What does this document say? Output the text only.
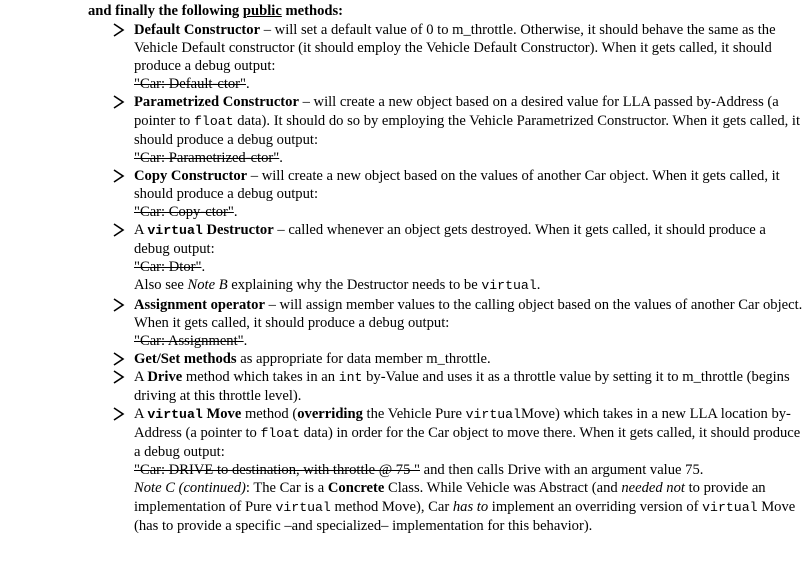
and finally the following public methods:

Default Constructor – will set a default value of 0 to m_throttle. Otherwise, it should behave the same as the Vehicle Default constructor (it should employ the Vehicle Default Constructor). When it gets called, it should produce a debug output:
"Car: Default-ctor".
Parametrized Constructor – will create a new object based on a desired value for LLA passed by-Address (a pointer to float data). It should do so by employing the Vehicle Parametrized Constructor. When it gets called, it should produce a debug output:
"Car: Parametrized-ctor".
Copy Constructor – will create a new object based on the values of another Car object. When it gets called, it should produce a debug output:
"Car: Copy-ctor".
A virtual Destructor – called whenever an object gets destroyed. When it gets called, it should produce a debug output:
"Car: Dtor".
Also see Note B explaining why the Destructor needs to be virtual.
Assignment operator – will assign member values to the calling object based on the values of another Car object. When it gets called, it should produce a debug output:
"Car: Assignment".
Get/Set methods as appropriate for data member m_throttle.
A Drive method which takes in an int by-Value and uses it as a throttle value by setting it to m_throttle (begins driving at this throttle level).
A virtual Move method (overriding the Vehicle Pure virtualMove) which takes in a new LLA location by-Address (a pointer to float data) in order for the Car object to move there. When it gets called, it should produce a debug output:
"Car: DRIVE to destination, with throttle @ 75 " and then calls Drive with an argument value 75.
Note C (continued): The Car is a Concrete Class. While Vehicle was Abstract (and needed not to provide an implementation of Pure virtual method Move), Car has to implement an overriding version of virtual Move (has to provide a specific –and specialized– implementation for this behavior).
